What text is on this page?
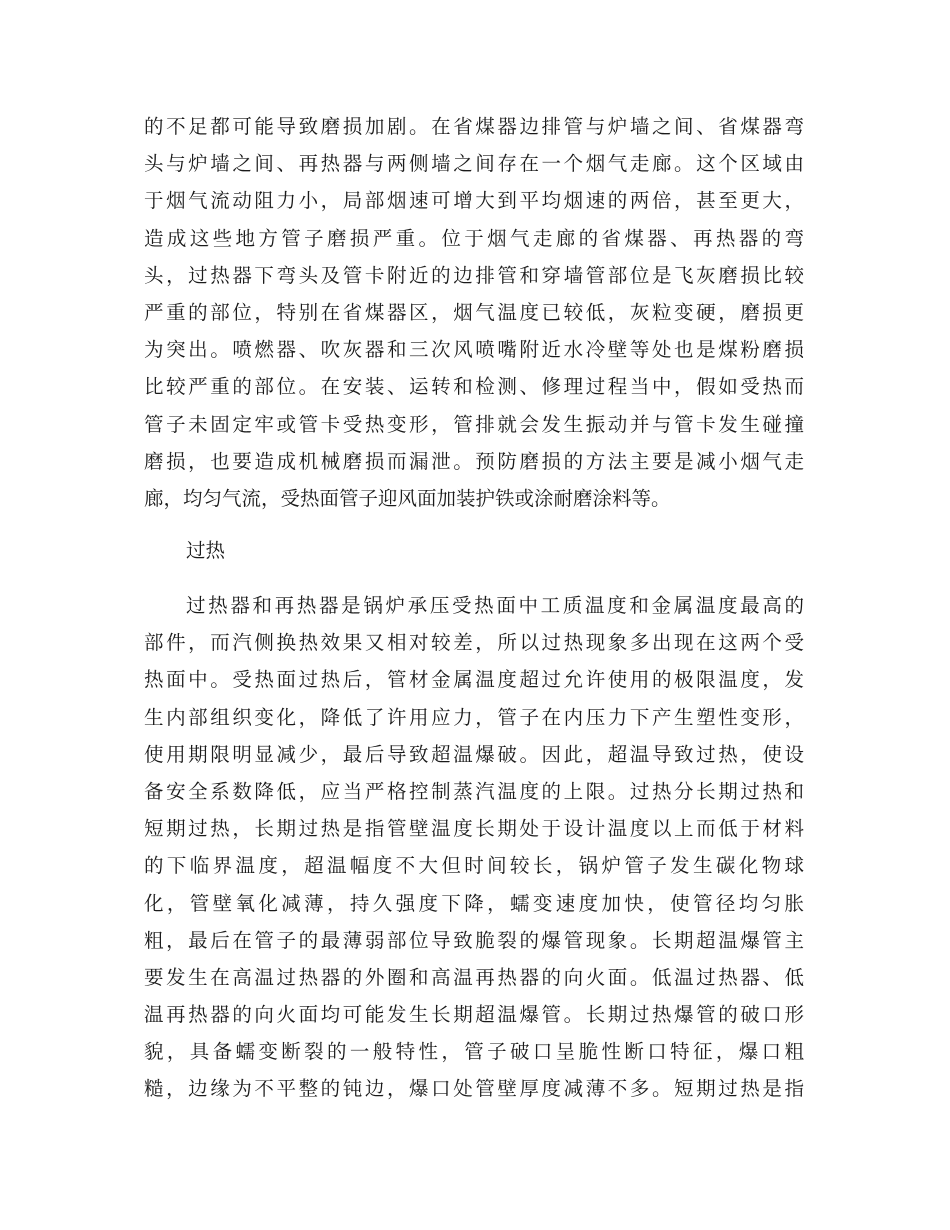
的不足都可能导致磨损加剧。在省煤器边排管与炉墙之间、省煤器弯
头与炉墙之间、再热器与两侧墙之间存在一个烟气走廊。这个区域由
于烟气流动阻力小，局部烟速可增大到平均烟速的两倍，甚至更大，
造成这些地方管子磨损严重。位于烟气走廊的省煤器、再热器的弯
头，过热器下弯头及管卡附近的边排管和穿墙管部位是飞灰磨损比较
严重的部位，特别在省煤器区，烟气温度已较低，灰粒变硬，磨损更
为突出。喷燃器、吹灰器和三次风喷嘴附近水冷壁等处也是煤粉磨损
比较严重的部位。在安装、运转和检测、修理过程当中，假如受热而
管子未固定牢或管卡受热变形，管排就会发生振动并与管卡发生碰撞
磨损，也要造成机械磨损而漏泄。预防磨损的方法主要是减小烟气走
廊，均匀气流，受热面管子迎风面加装护铁或涂耐磨涂料等。
过热
过热器和再热器是锅炉承压受热面中工质温度和金属温度最高的
部件，而汽侧换热效果又相对较差，所以过热现象多出现在这两个受
热面中。受热面过热后，管材金属温度超过允许使用的极限温度，发
生内部组织变化，降低了许用应力，管子在内压力下产生塑性变形，
使用期限明显减少，最后导致超温爆破。因此，超温导致过热，使设
备安全系数降低，应当严格控制蒸汽温度的上限。过热分长期过热和
短期过热，长期过热是指管壁温度长期处于设计温度以上而低于材料
的下临界温度，超温幅度不大但时间较长，锅炉管子发生碳化物球
化，管壁氧化减薄，持久强度下降，蠕变速度加快，使管径均匀胀
粗，最后在管子的最薄弱部位导致脆裂的爆管现象。长期超温爆管主
要发生在高温过热器的外圈和高温再热器的向火面。低温过热器、低
温再热器的向火面均可能发生长期超温爆管。长期过热爆管的破口形
貌，具备蠕变断裂的一般特性，管子破口呈脆性断口特征，爆口粗
糙，边缘为不平整的钝边，爆口处管壁厚度减薄不多。短期过热是指
